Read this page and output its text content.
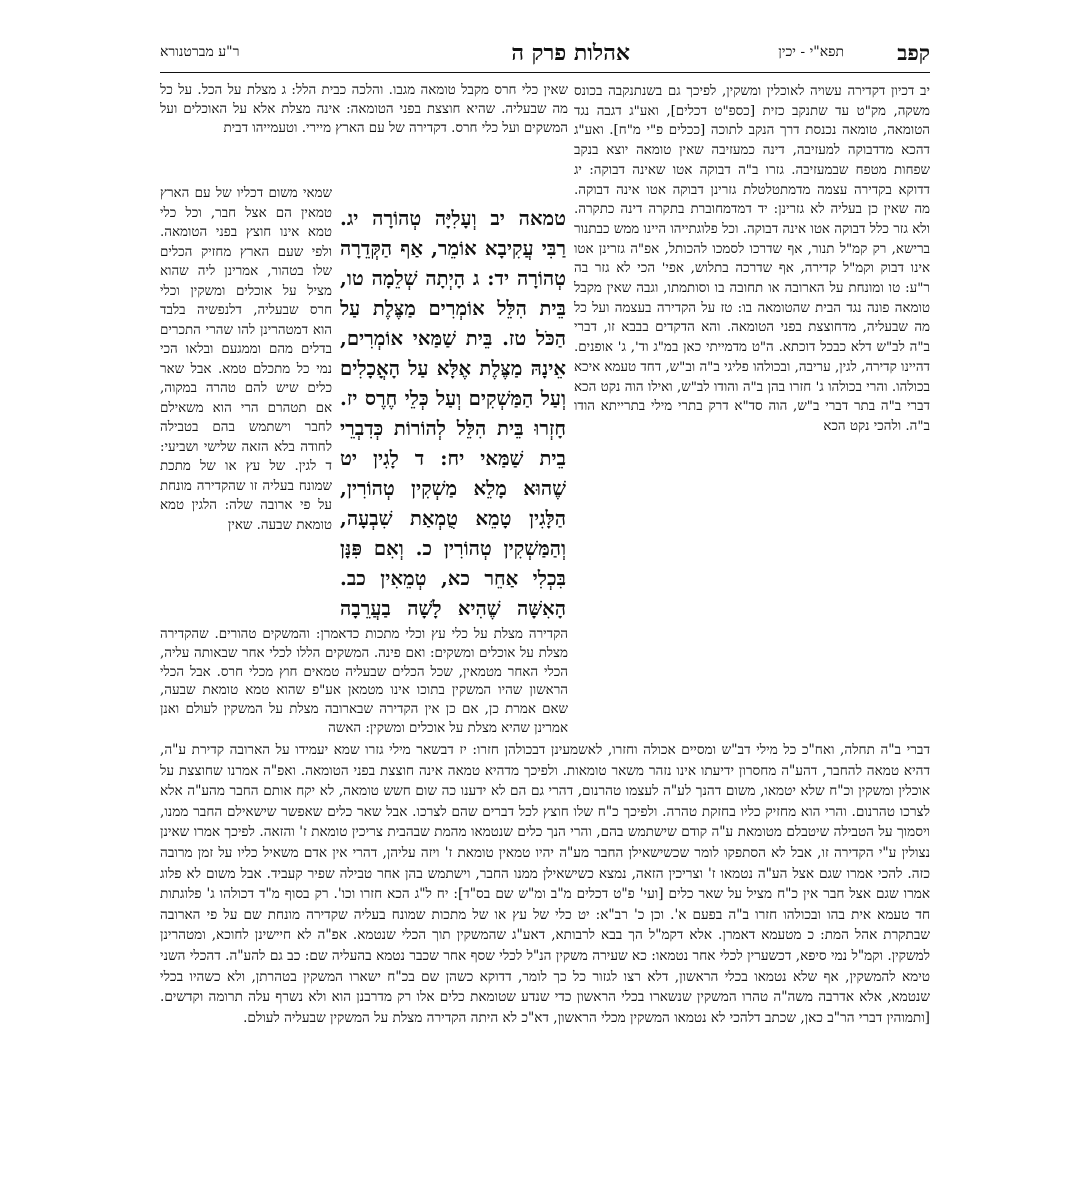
קפב
תפא"י - יכין
אהלות פרק ה
ר"ע מברטנורא

יב דכיון דקדירה עשויה לאוכלין ומשקין, לפיכך גם בשנתנקבה בכונס משקה, מק"ט עד שתנקב כזית [כספ"ט דכלים], ואע"ג דגבה נגד הטומאה, טומאה נכנסת דרך הנקב לתוכה [ככלים פ"י מ"ח]. ואע"ג דהכא מדדבוקה למעזיבה, דינה כמעזיבה שאין טומאה יוצא בנקב שפחות מטפח שבמעזיבה. גזרו ב"ה דבוקה אטו שאינה דבוקה: יג דדוקא בקדירה עצמה מדמתטלטלת גזרינן דבוקה אטו אינה דבוקה. מה שאין כן בעליה לא גזרינן: יד דמדמחוברת בתקרה דינה כתקרה. ולא גזר כלל דבוקה אטו אינה דבוקה. וכל פלוגתייהו היינו ממש כבתנור ברישא, רק קמ"ל תנור, אף שדרכו לסמכו להכותל, אפ"ה גזרינן אטו אינו דבוק וקמ"ל קדירה, אף שדרכה בתלוש, אפי' הכי לא גזר בה ר"ע: טו ומונחת על הארובה או תחובה בו וסותמתו, וגבה שאין מקבל טומאה פונה נגד הבית שהטומאה בו: טז על הקדירה בעצמה ועל כל מה שבעליה, מדחוצצת בפני הטומאה. והא הדקדים בבבא זו, דברי ב"ה לב"ש דלא כבכל דוכתא. ה"ט מדמייתי כאן במ"ג וד', ג' אופנים. דהיינו קדירה, לגין, עריבה, ובכולהו פליגי ב"ה וב"ש, דחד טעמא איכא בכולהו. והרי בכולהו ג' חזרו בהן ב"ה והודו לב"ש, ואילו הוה נקט הכא דברי ב"ה בתר דברי ב"ש, הוה סד"א דרק בתרי מילי בתרייתא הודו ב"ה. ולהכי נקט הכא

שאין כלי חרס מקבל טומאה מגבו. והלכה כבית הלל: ג מצלת על הכל. על כל מה שבעליה. שהיא חוצצת בפני הטומאה: אינה מצלת אלא על האוכלים ועל המשקים ועל כלי חרס. דקדירה של עם הארץ מיירי. וטעמייהו דבית

טמאה יב וְעָלִיָּה טְהוֹרָה יג. רַבִּי עֲקִיבָא אוֹמֵר, אַף הַקְּדֵרָה טְהוֹרָה יד: ג הָיְתָה שְׁלֵמָה טו, בֵּית הִלֵּל אוֹמְרִים מַצֶּלֶת עַל הַכֹּל טז. בֵּית שַׁמַּאי אוֹמְרִים, אֵינָהּ מַצֶּלֶת אֶלָּא עַל הָאֳכָלִים וְעַל הַמַּשְׁקִים וְעַל כְּלֵי חֶרֶס יז. חָזְרוּ בֵּית הִלֵּל לְהוֹרוֹת כְּדִבְרֵי בֵית שַׁמַּאי יח: ד לָגִין יט שֶׁהוּא מָלֵא מַשְׁקִין טְהוֹרִין, הַלָּגִין טָמֵא טֻמְאַת שִׁבְעָה, וְהַמַּשְׁקִין טְהוֹרִין כ. וְאִם פִּנָּן בִּכְלִי אַחֵר כא, טְמֵאִין כב. הָאִשָּׁה שֶׁהִיא לָשָׁה בַעֲרֵבָה

שמאי משום דכליו של עם הארץ טמאין הם אצל חבר, וכל כלי טמא אינו חוצץ בפני הטומאה. ולפי שעם הארץ מחזיק הכלים שלו בטהור, אמרינן ליה שהוא מציל על אוכלים ומשקין וכלי חרס שבעליה, דלנפשיה בלבד הוא דמטהרינן להו שהרי התכרים בדלים מהם וממגעם ובלאו הכי נמי כל מתכלם טמא. אבל שאר כלים שיש להם טהרה במקוה, אם תטהרם הרי הוא משאילם לחבר וישתמש בהם בטבילה לחודה בלא הזאה שלישי ושביעי: ד לגין. של עץ או של מתכת שמונח בעליה זו שהקדירה מונחת על פי ארובה שלה: הלגין טמא טומאת שבעה. שאין

הקדירה מצלת על כלי עץ וכלי מתכות כדאמרן: והמשקים טהורים. שהקדירה מצלת על אוכלים ומשקים: ואם פינה. המשקים הללו לכלי אחר שבאותה עליה, הכלי האחר מטמאין, שכל הכלים שבעליה טמאים חוץ מכלי חרס. אבל הכלי הראשון שהיו המשקין בתוכו אינו מטמאן אע"פ שהוא טמא טומאת שבעה, שאם אמרת כן, אם כן אין הקדירה שבארובה מצלת על המשקין לעולם ואנן אמרינן שהיא מצלת על אוכלים ומשקין: האשה

דברי ב"ה תחלה, ואח"כ כל מילי דב"ש ומסיים אכולה וחזרו, לאשמעינן דבכולהן חזרו: יז דבשאר מילי גזרו שמא יעמידו על הארובה קדירת ע"ה, דהיא טמאה להחבר, דהע"ה מחסרון ידיעתו אינו נזהר משאר טומאות. ולפיכך מדהיא טמאה אינה חוצצת בפני הטומאה. ואפ"ה אמרנו שחוצצת על אוכלין ומשקין וכ"ח שלא יטמאו, משום דהנך לע"ה לעצמו טהרנום, דהרי גם הם לא ידענו כה שום חשש טומאה, לא יקח אותם החבר מהע"ה אלא לצרכו טהרנום. והרי הוא מחזיק כליו בחזקת טהרה. ולפיכך כ"ח שלו חוצץ לכל דברים שהם לצרכו. אבל שאר כלים שאפשר שישאילם החבר ממנו, ויסמוך על הטבילה שיטבלם מטומאת ע"ה קודם שישתמש בהם, והרי הנך כלים שנטמאו מהמת שבהבית צריכין טומאת ז' והזאה. לפיכך אמרו שאינן נצולין ע"י הקדירה זו, אבל לא הסתפקו לומר שכשישאילן החבר מע"ה יהיו טמאין טומאת ז' ויזה עליהן, דהרי אין אדם משאיל כליו על זמן מרובה כזה. להכי אמרו שגם אצל הע"ה נטמאו ז' וצריכין הזאה, נמצא כשישאילן ממנו החבר, וישתמש בהן אחר טבילה שפיר קעביד. אבל משום לא פלוג אמרו שגם אצל חבר אין כ"ח מציל על שאר כלים [ועי' פ"ט דכלים מ"ב ומ"ש שם בס"ד]: יח ל"ג הכא חזרו וכו'. רק בסוף מ"ד דכולהו ג' פלוגתות חד טעמא אית בהו ובכולהו חזרו ב"ה בפעם א'. וכן כ' רב"א: יט כלי של עץ או של מתכות שמונח בעליה שקדירה מונחת שם על פי הארובה שבתקרת אהל המת: כ מטעמא דאמרן. אלא דקמ"ל הך בבא לרבותא, דאע"ג שהמשקין תוך הכלי שנטמא. אפ"ה לא חיישינן לחוכא, ומטהרינן למשקין. וקמ"ל נמי סיפא, דכשערין לכלי אחר נטמאו: כא שעירה משקין הנ"ל לכלי שסף אחר שכבר נטמא בהעליה שם: כב גם להע"ה. דהכלי השני טימא להמשקין, אף שלא נטמאו בכלי הראשון, דלא רצו לגזור כל כך לומר, דדוקא כשהן שם בכ"ח ישארו המשקין בטהרתן, ולא כשהיו בכלי שנטמא, אלא אדרבה משה"ה טהרו המשקין שנשארו בכלי הראשון כדי שנדע שטומאת כלים אלו רק מדרבנן הוא ולא נשרף עלה תרומה וקדשים. [ותמוהין דברי הר"ב כאן, שכתב דלהכי לא נטמאו המשקין מכלי הראשון, דא"כ לא היתה הקדירה מצלת על המשקין שבעליה לעולם.
